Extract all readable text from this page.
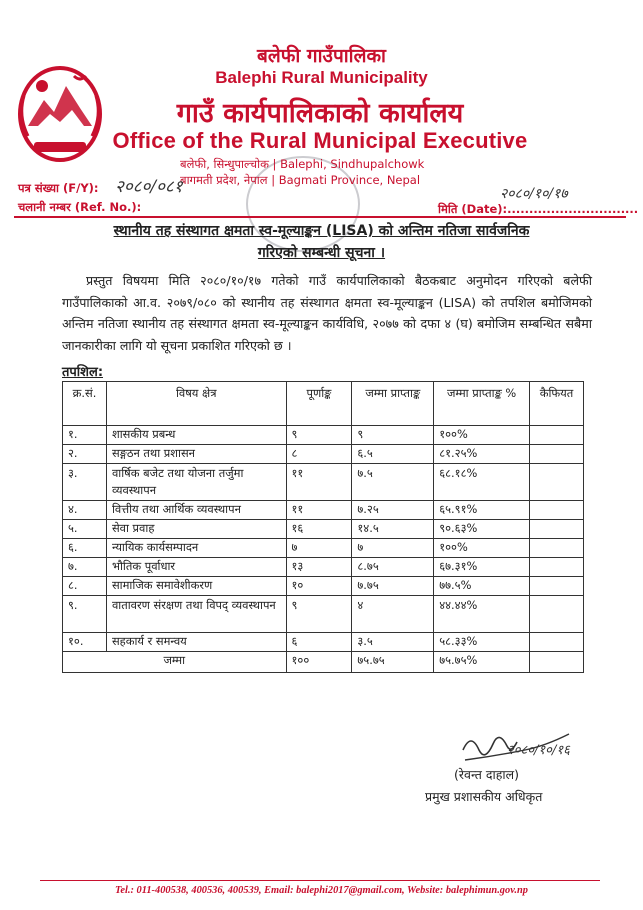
बलेफी गाउँपालिका
Balephi Rural Municipality
गाउँ कार्यपालिकाको कार्यालय
Office of the Rural Municipal Executive
बलेफी, सिन्धुपाल्चोक | Balephi, Sindhupalchowk
बागमती प्रदेश, नेपाल | Bagmati Province, Nepal
पत्र संख्या (F/Y): २०८०/०८१
चलानी नम्बर (Ref. No.):
२०८०/१०/१७
मिति (Date):..............................
स्थानीय तह संस्थागत क्षमता स्व-मूल्याङ्कन (LISA) को अन्तिम नतिजा सार्वजनिक
गरिएको सम्बन्धी सूचना ।
प्रस्तुत विषयमा मिति २०८०/१०/१७ गतेको गाउँ कार्यपालिकाको बैठकबाट अनुमोदन गरिएको बलेफी गाउँपालिकाको आ.व. २०७९/०८० को स्थानीय तह संस्थागत क्षमता स्व-मूल्याङ्कन (LISA) को तपशिल बमोजिमको अन्तिम नतिजा स्थानीय तह संस्थागत क्षमता स्व-मूल्याङ्कन कार्यविधि, २०७७ को दफा ४ (घ) बमोजिम सम्बन्धित सबैमा जानकारीका लागि यो सूचना प्रकाशित गरिएको छ ।
तपशिल:
क्र.सं.	विषय क्षेत्र	पूर्णाङ्क	जम्मा प्राप्ताङ्क	जम्मा प्राप्ताङ्क %	कैफियत
१.	शासकीय प्रबन्ध	९	९	१००%	
२.	सङ्गठन तथा प्रशासन	८	६.५	८१.२५%	
३.	वार्षिक बजेट तथा योजना तर्जुमा व्यवस्थापन	११	७.५	६८.१८%	
४.	वित्तीय तथा आर्थिक व्यवस्थापन	११	७.२५	६५.९१%	
५.	सेवा प्रवाह	१६	१४.५	९०.६३%	
६.	न्यायिक कार्यसम्पादन	७	७	१००%	
७.	भौतिक पूर्वाधार	१३	८.७५	६७.३१%	
८.	सामाजिक समावेशीकरण	१०	७.७५	७७.५%	
९.	वातावरण संरक्षण तथा विपद् व्यवस्थापन	९	४	४४.४४%	
१०.	सहकार्य र समन्वय	६	३.५	५८.३३%	
जम्मा		१००	७५.७५	७५.७५%	
२०८०/१०/१६
(रेवन्त दाहाल)
प्रमुख प्रशासकीय अधिकृत
Tel.: 011-400538, 400536, 400539, Email: balephi2017@gmail.com, Website: balephimun.gov.np
